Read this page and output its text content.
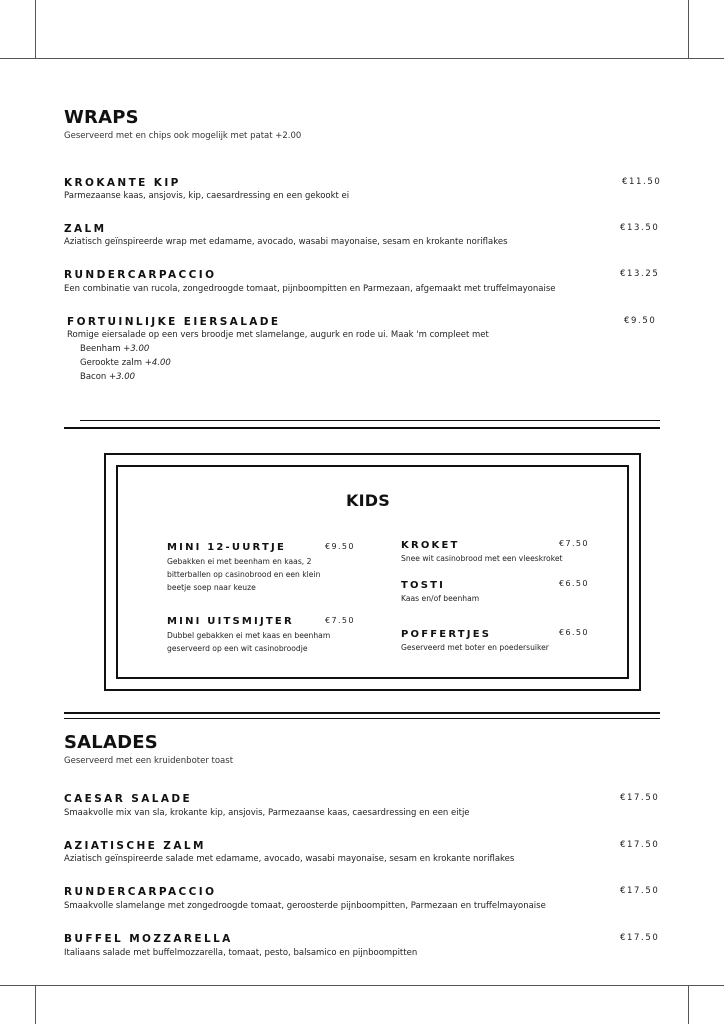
WRAPS
Geserveerd met en chips ook mogelijk met patat +2.00
KROKANTE KIP
Parmezaanse kaas, ansjovis, kip, caesardressing en een gekookt ei
€11.50
ZALM
Aziatisch geïnspireerde wrap met edamame, avocado, wasabi mayonaise, sesam en krokante noriflakes
€13.50
RUNDERCARPACCIO
Een combinatie van rucola, zongedroogde tomaat, pijnboompitten en Parmezaan, afgemaakt met truffelmayonaise
€13.25
FORTUINLIJKE EIERSALADE
Romige eiersalade op een vers broodje met slamelange, augurk en rode ui. Maak 'm compleet met
€9.50
Beenham +3.00
Gerookte zalm +4.00
Bacon +3.00
KIDS
MINI 12-UURTJE	€9.50
Gebakken ei met beenham en kaas, 2
bitterballen op casinobrood en een klein
beetje soep naar keuze
MINI UITSMIJTER	€7.50
Dubbel gebakken ei met kaas en beenham
geserveerd op een wit casinobroodje
KROKET	€7.50
Snee wit casinobrood met een vleeskroket
TOSTI	€6.50
Kaas en/of beenham
POFFERTJES	€6.50
Geserveerd met boter en poedersuiker
SALADES
Geserveerd met een kruidenboter toast
CAESAR SALADE
Smaakvolle mix van sla, krokante kip, ansjovis, Parmezaanse kaas, caesardressing en een eitje
€17.50
AZIATISCHE ZALM
Aziatisch geïnspireerde salade met edamame, avocado, wasabi mayonaise, sesam en krokante noriflakes
€17.50
RUNDERCARPACCIO
Smaakvolle slamelange met zongedroogde tomaat, geroosterde pijnboompitten, Parmezaan en truffelmayonaise
€17.50
BUFFEL MOZZARELLA
Italiaans salade met buffelmozzarella, tomaat, pesto, balsamico en pijnboompitten
€17.50
